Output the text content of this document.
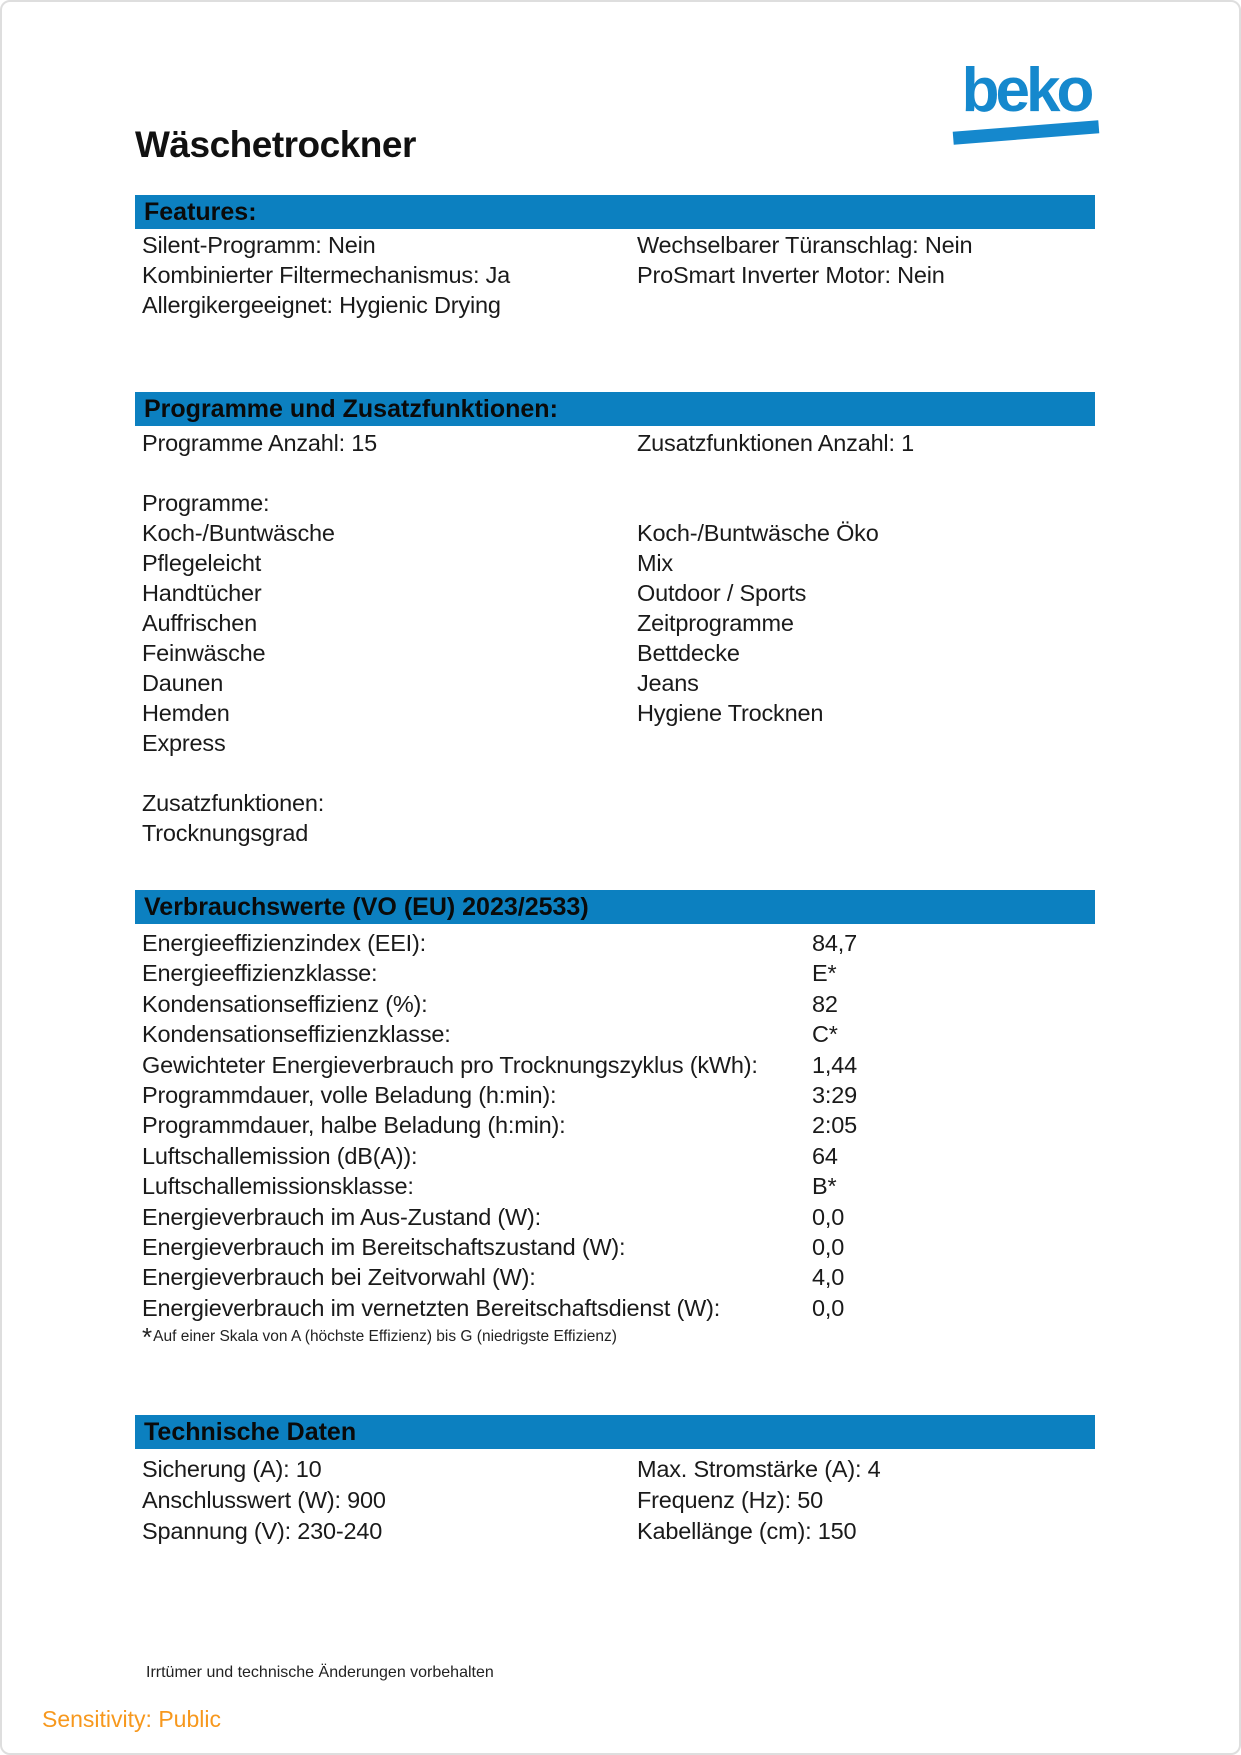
Wäschetrockner
beko
Features:
Silent-Programm: Nein
Kombinierter Filtermechanismus: Ja
Allergikergeeignet: Hygienic Drying
Wechselbarer Türanschlag: Nein
ProSmart Inverter Motor: Nein
Programme und Zusatzfunktionen:
Programme Anzahl: 15	Zusatzfunktionen Anzahl: 1
Programme:
Koch-/Buntwäsche
Pflegeleicht
Handtücher
Auffrischen
Feinwäsche
Daunen
Hemden
Express
Koch-/Buntwäsche Öko
Mix
Outdoor / Sports
Zeitprogramme
Bettdecke
Jeans
Hygiene Trocknen
Zusatzfunktionen:
Trocknungsgrad
Verbrauchswerte (VO (EU) 2023/2533)
Energieeffizienzindex (EEI):	84,7
Energieeffizienzklasse:	E*
Kondensationseffizienz (%):	82
Kondensationseffizienzklasse:	C*
Gewichteter Energieverbrauch pro Trocknungszyklus (kWh): 1,44
Programmdauer, volle Beladung (h:min):	3:29
Programmdauer, halbe Beladung (h:min):	2:05
Luftschallemission (dB(A)):	64
Luftschallemissionsklasse:	B*
Energieverbrauch im Aus-Zustand (W):	0,0
Energieverbrauch im Bereitschaftszustand (W):	0,0
Energieverbrauch bei Zeitvorwahl (W):	4,0
Energieverbrauch im vernetzten Bereitschaftsdienst (W):	0,0
*Auf einer Skala von A (höchste Effizienz) bis G (niedrigste Effizienz)
Technische Daten
Sicherung (A): 10
Anschlusswert (W): 900
Spannung (V): 230-240
Max. Stromstärke (A): 4
Frequenz (Hz): 50
Kabellänge (cm): 150
Irrtümer und technische Änderungen vorbehalten
Sensitivity: Public
